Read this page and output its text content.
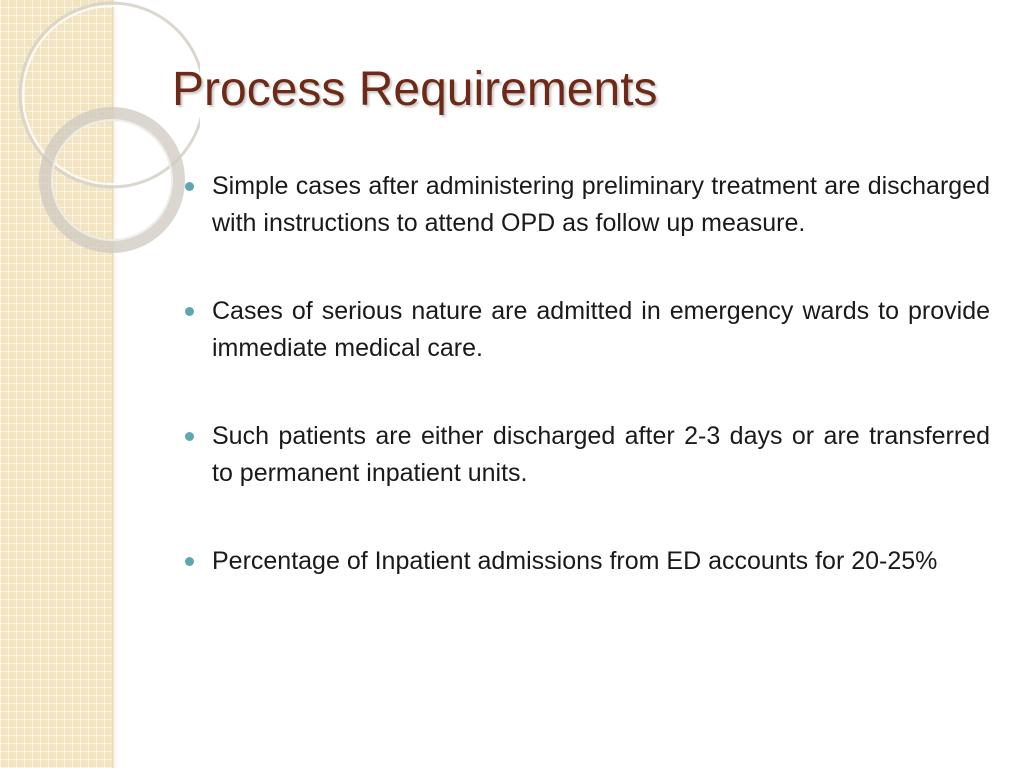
Process Requirements
Simple cases after administering preliminary treatment are discharged with instructions to attend OPD as follow up measure.
Cases of serious nature are admitted in emergency wards to provide immediate medical care.
Such patients are either discharged after 2-3 days or are transferred to permanent inpatient units.
Percentage of Inpatient admissions from ED accounts for 20-25%
